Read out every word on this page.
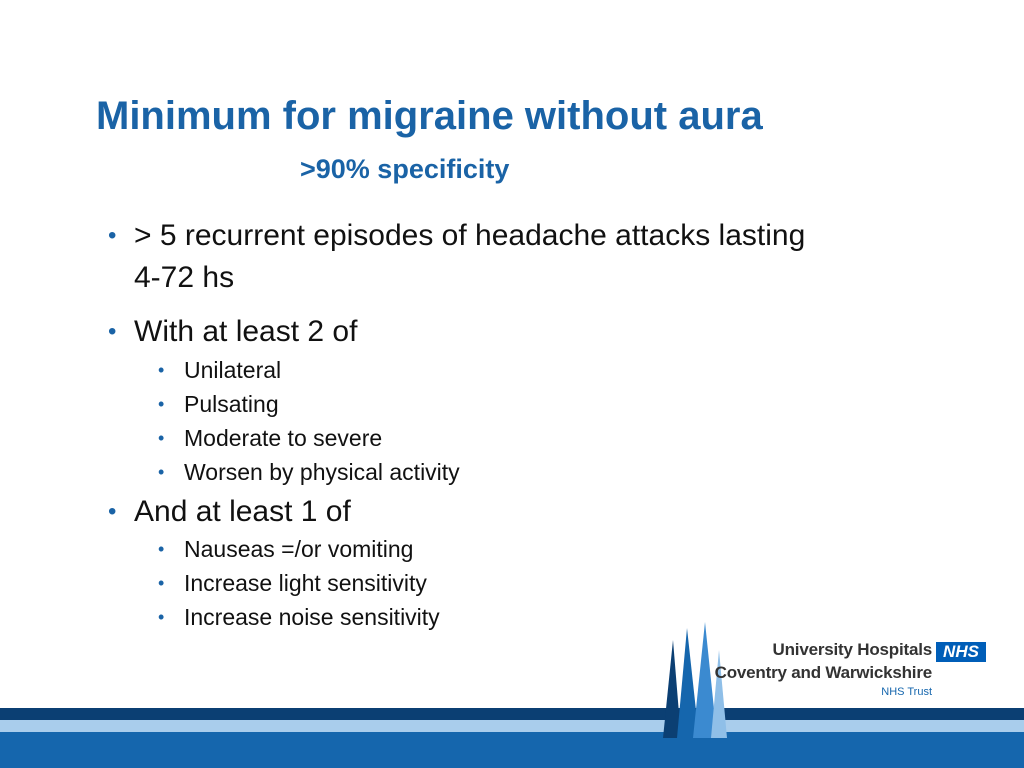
Minimum for migraine without aura
>90% specificity
• > 5 recurrent episodes of headache attacks lasting
4-72 hs
• With at least 2 of
• Unilateral
• Pulsating
• Moderate to severe
• Worsen by physical activity
• And at least 1 of
• Nauseas =/or vomiting
• Increase light sensitivity
• Increase noise sensitivity
University Hospitals
Coventry and Warwickshire
NHS Trust
NHS
